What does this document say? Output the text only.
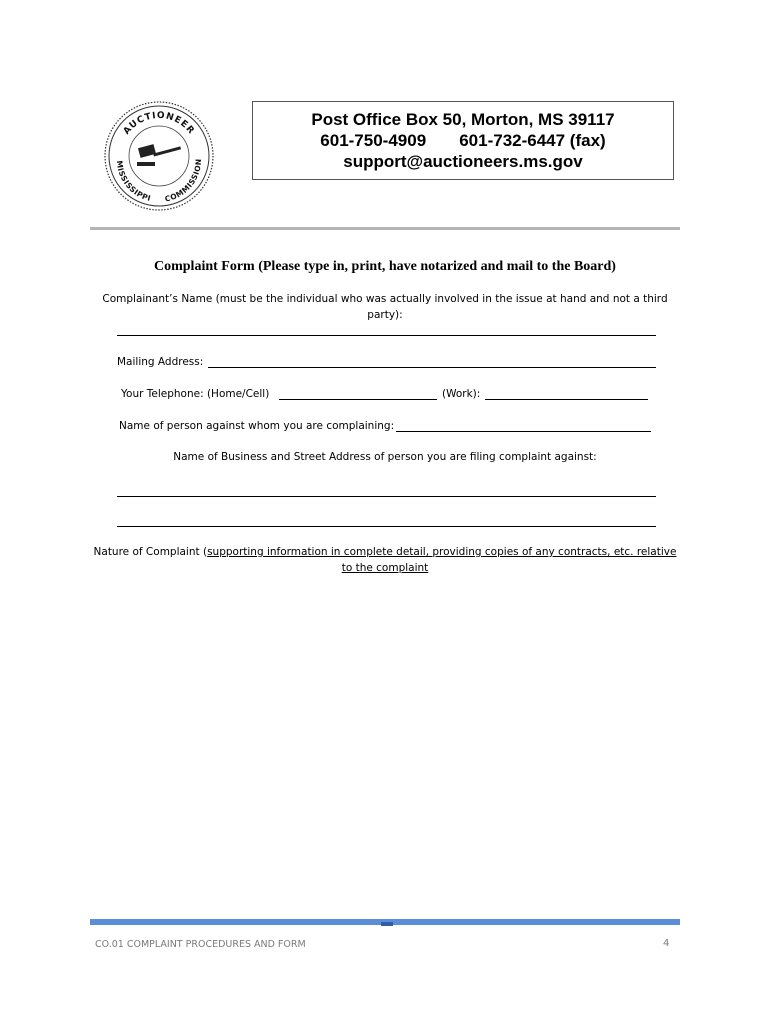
AUCTIONEER
MISSISSIPPI COMMISSION
Post Office Box 50, Morton, MS 39117
601-750-4909 601-732-6447 (fax)
support@auctioneers.ms.gov
Complaint Form (Please type in, print, have notarized and mail to the Board)
Complainant’s Name (must be the individual who was actually involved in the issue at hand and not a third
party):
Mailing Address:
Your Telephone: (Home/Cell)	(Work):
Name of person against whom you are complaining:
Name of Business and Street Address of person you are filing complaint against:
Nature of Complaint (supporting information in complete detail, providing copies of any contracts, etc. relative
to the complaint
CO.01 COMPLAINT PROCEDURES AND FORM	4
